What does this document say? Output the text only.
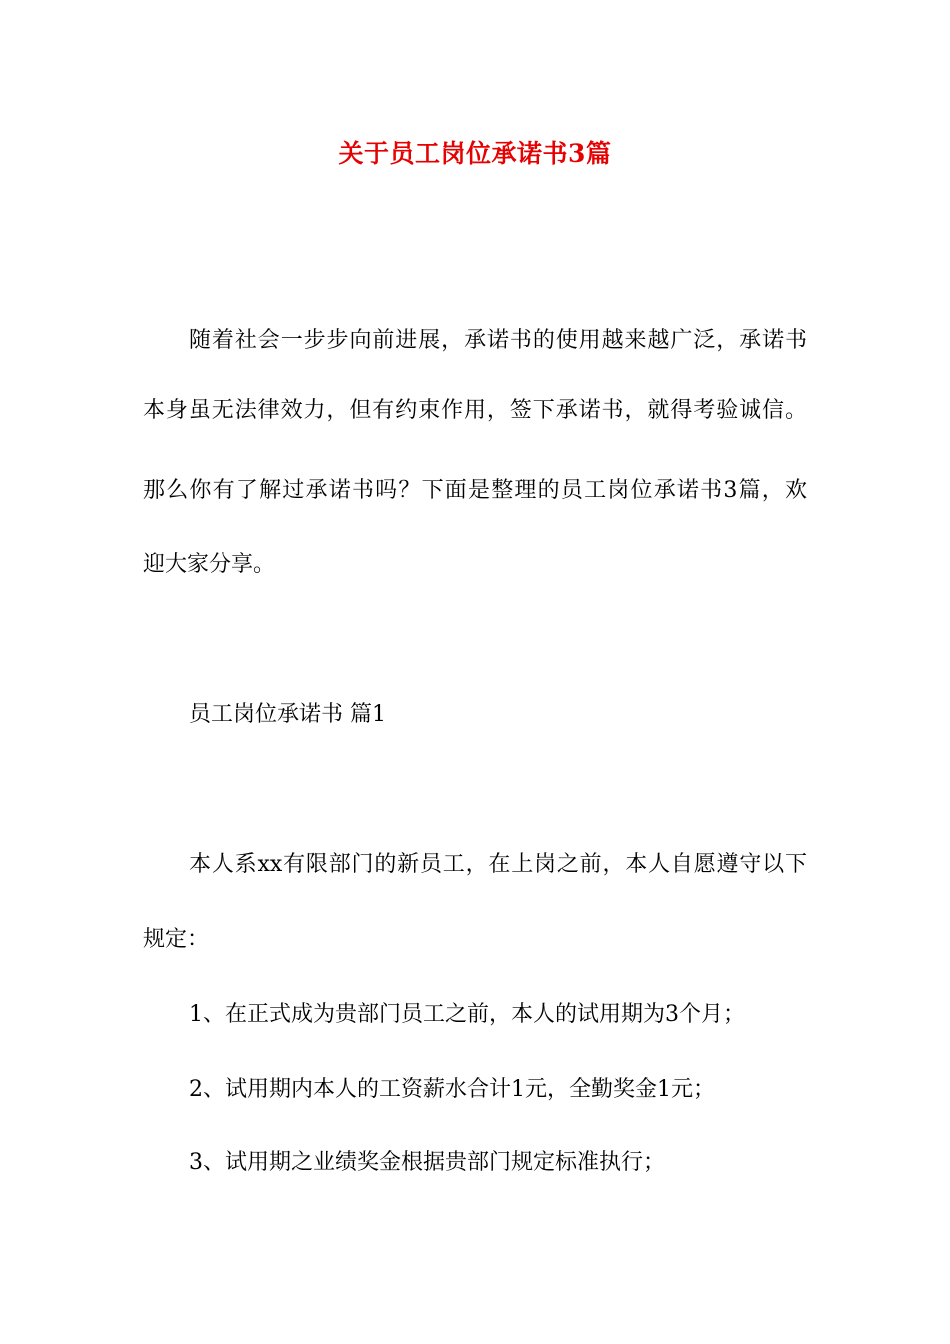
关于员工岗位承诺书3篇
随着社会一步步向前进展，承诺书的使用越来越广泛，承诺书
本身虽无法律效力，但有约束作用，签下承诺书，就得考验诚信。
那么你有了解过承诺书吗？下面是整理的员工岗位承诺书3篇，欢
迎大家分享。
员工岗位承诺书 篇1
本人系xx有限部门的新员工，在上岗之前，本人自愿遵守以下
规定：
1、在正式成为贵部门员工之前，本人的试用期为3个月；
2、试用期内本人的工资薪水合计1元，全勤奖金1元；
3、试用期之业绩奖金根据贵部门规定标准执行；
